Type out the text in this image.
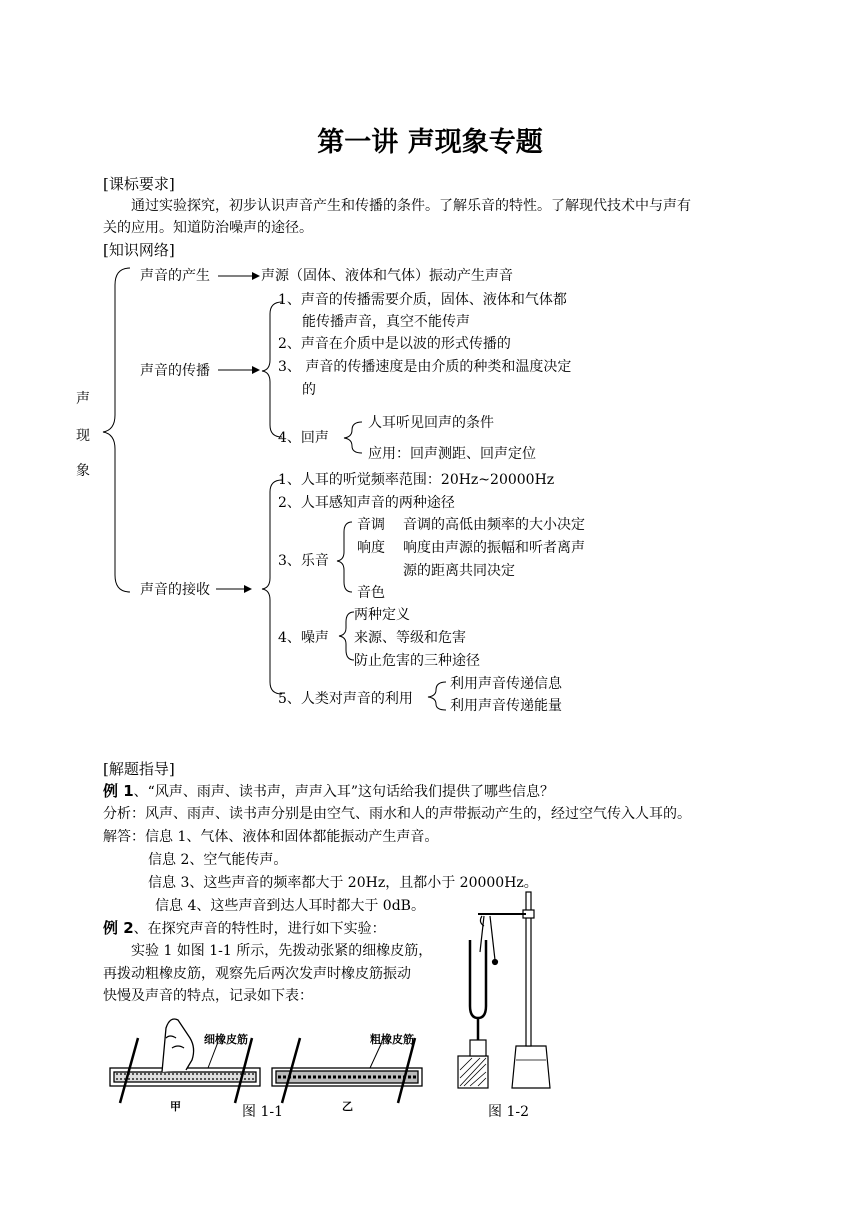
第一讲 声现象专题
[课标要求]
通过实验探究，初步认识声音产生和传播的条件。了解乐音的特性。了解现代技术中与声有
关的应用。知道防治噪声的途径。
[知识网络]
声
现
象
声音的产生	声源（固体、液体和气体）振动产生声音
声音的传播
1、声音的传播需要介质，固体、液体和气体都
能传播声音，真空不能传声
2、声音在介质中是以波的形式传播的
3、 声音的传播速度是由介质的种类和温度决定
的
4、回声
人耳听见回声的条件
应用：回声测距、回声定位
声音的接收
1、人耳的听觉频率范围：20Hz~20000Hz
2、人耳感知声音的两种途径
3、乐音
音调 音调的高低由频率的大小决定
响度 响度由声源的振幅和听者离声
源的距离共同决定
音色
4、噪声
两种定义
来源、等级和危害
防止危害的三种途径
5、人类对声音的利用
利用声音传递信息
利用声音传递能量
[解题指导]
例 1、“风声、雨声、读书声，声声入耳”这句话给我们提供了哪些信息？
分析：风声、雨声、读书声分别是由空气、雨水和人的声带振动产生的，经过空气传入人耳的。
解答：信息 1、气体、液体和固体都能振动产生声音。
信息 2、空气能传声。
信息 3、这些声音的频率都大于 20Hz，且都小于 20000Hz。
信息 4、这些声音到达人耳时都大于 0dB。
例 2、在探究声音的特性时，进行如下实验：
实验 1 如图 1-1 所示，先拨动张紧的细橡皮筋，
再拨动粗橡皮筋，观察先后两次发声时橡皮筋振动
快慢及声音的特点，记录如下表：
细橡皮筋	粗橡皮筋
甲	乙
图 1-1	图 1-2
